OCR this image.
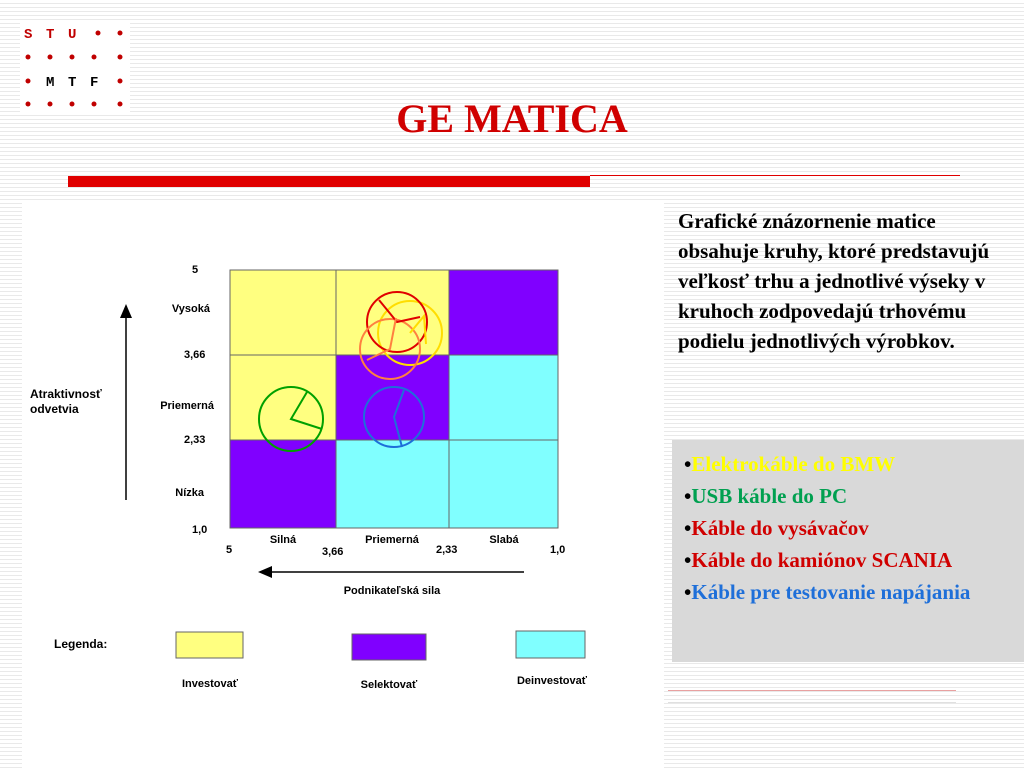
S T U
M T F
GE MATICA
Atraktivnosť
odvetvia
5
3,66
2,33
1,0
Vysoká
Priemerná
Nízka
5	3,66	2,33	1,0
Silná	Priemerná	Slabá
Podnikateľská sila
Legenda:
Investovať	Selektovať	Deinvestovať
Grafické znázornenie matice obsahuje kruhy, ktoré predstavujú veľkosť trhu a jednotlivé výseky v kruhoch zodpovedajú trhovému podielu jednotlivých výrobkov.
•Elektrokáble do BMW
•USB káble do PC
•Káble do vysávačov
•Káble do kamiónov SCANIA
•Káble pre testovanie napájania
